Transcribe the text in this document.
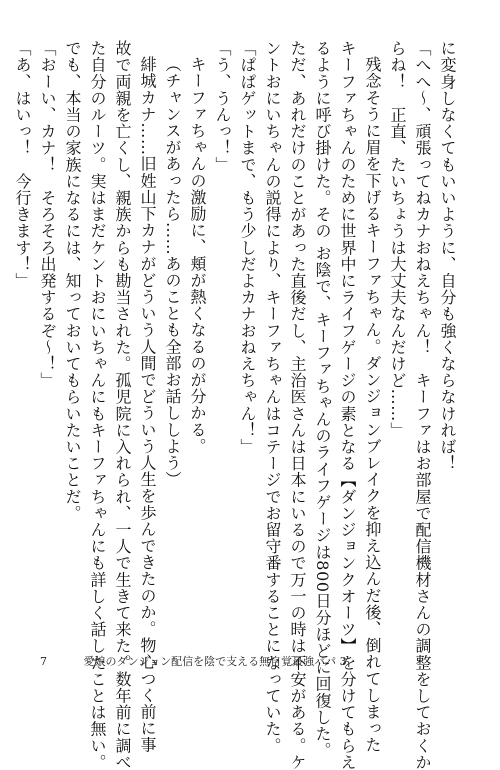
に変身しなくてもいいように、自分も強くならなければ！
「へへ〜、頑張ってねカナおねえちゃん！　キーファはお部屋で配信機材さんの調整をしておくか
らね！　正直、たいちょうは大丈夫なんだけど……」
残念そうに眉を下げるキーファちゃん。ダンジョンブレイクを抑え込んだ後、倒れてしまった
キーファちゃんのために世界中にライフゲージの素となる【ダンジョンクオーツ】を分けてもらえ
るように呼び掛けた。その お陰で、キーファちゃんのライフゲージは800日分ほどに回復した。
ただ、あれだけのことがあった直後だし、主治医さんは日本にいるので万一の時は不安がある。ケ
ントおにいちゃんの説得により、キーファちゃんはコテージでお留守番することになっていた。
「ぱぱゲットまで、もう少しだよカナおねえちゃん！」
「う、うんっ！」
キーファちゃんの激励に、頬が熱くなるのが分かる。
（チャンスがあったら……あのことも全部お話ししよう）
緋城カナ……旧姓山下カナがどういう人間でどういう人生を歩んできたのか。物心つく前に事
故で両親を亡くし、親族からも勘当された。孤児院に入れられ、一人で生きて来た。数年前に調べ
た自分のルーツ。実はまだケントおにいちゃんにもキーファちゃんにも詳しく話したことは無い。
でも、本当の家族になるには、知っておいてもらいたいことだ。
「おーい、カナ！　そろそろ出発するぞ〜！」
「あ、はいっ！　今行きます！」
7	愛娘のダンジョン配信を陰で支える無自覚最強パパ 3
